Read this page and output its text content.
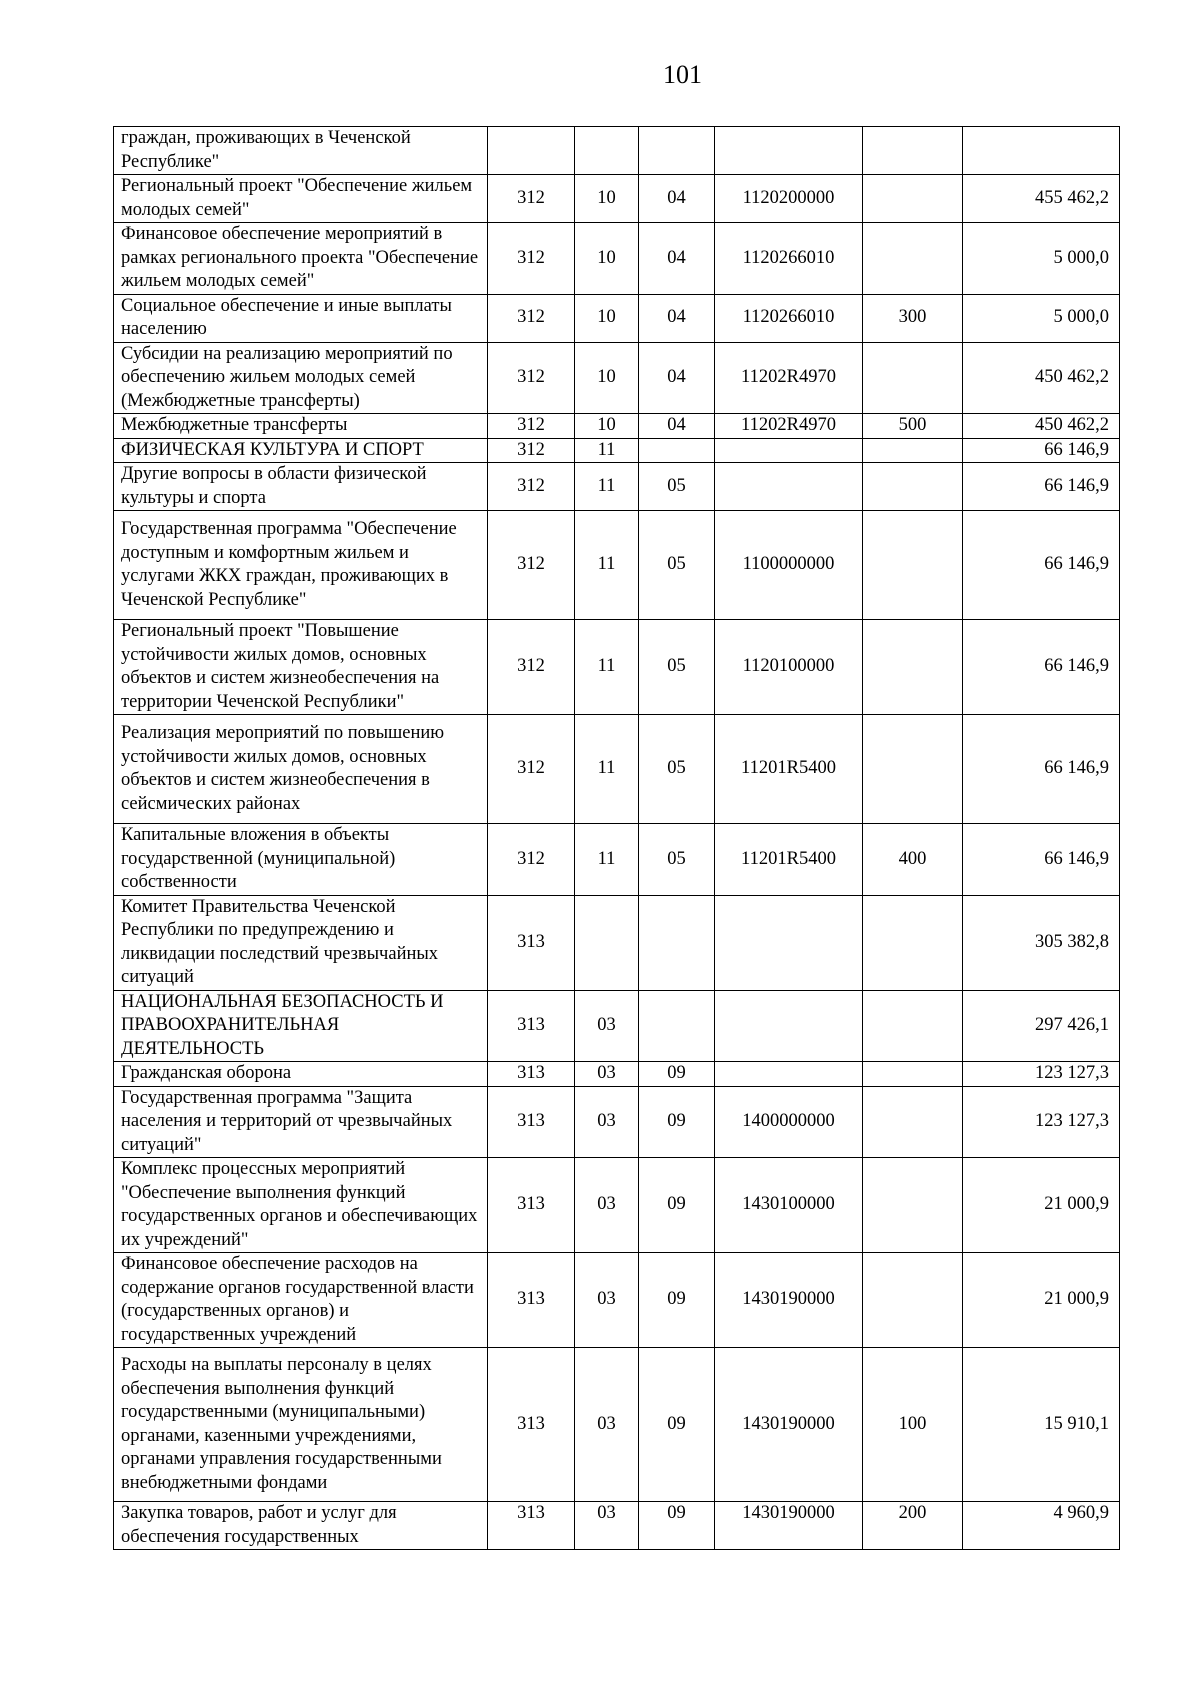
101
граждан, проживающих в Чеченской Республике"						
Региональный проект "Обеспечение жильем молодых семей"	312	10	04	1120200000		455 462,2
Финансовое обеспечение мероприятий в рамках регионального проекта "Обеспечение жильем молодых семей"	312	10	04	1120266010		5 000,0
Социальное обеспечение и иные выплаты населению	312	10	04	1120266010	300	5 000,0
Субсидии на реализацию мероприятий по обеспечению жильем молодых семей (Межбюджетные трансферты)	312	10	04	11202R4970		450 462,2
Межбюджетные трансферты	312	10	04	11202R4970	500	450 462,2
ФИЗИЧЕСКАЯ КУЛЬТУРА И СПОРТ	312	11				66 146,9
Другие вопросы в области физической культуры и спорта	312	11	05			66 146,9
Государственная программа "Обеспечение доступным и комфортным жильем и услугами ЖКХ граждан, проживающих в Чеченской Республике"	312	11	05	1100000000		66 146,9
Региональный проект "Повышение устойчивости жилых домов, основных объектов и систем жизнеобеспечения на территории Чеченской Республики"	312	11	05	1120100000		66 146,9
Реализация мероприятий по повышению устойчивости жилых домов, основных объектов и систем жизнеобеспечения в сейсмических районах	312	11	05	11201R5400		66 146,9
Капитальные вложения в объекты государственной (муниципальной) собственности	312	11	05	11201R5400	400	66 146,9
Комитет Правительства Чеченской Республики по предупреждению и ликвидации последствий чрезвычайных ситуаций	313					305 382,8
НАЦИОНАЛЬНАЯ БЕЗОПАСНОСТЬ И ПРАВООХРАНИТЕЛЬНАЯ ДЕЯТЕЛЬНОСТЬ	313	03				297 426,1
Гражданская оборона	313	03	09			123 127,3
Государственная программа "Защита населения и территорий от чрезвычайных ситуаций"	313	03	09	1400000000		123 127,3
Комплекс процессных мероприятий "Обеспечение выполнения функций государственных органов и обеспечивающих их учреждений"	313	03	09	1430100000		21 000,9
Финансовое обеспечение расходов на содержание органов государственной власти (государственных органов) и государственных учреждений	313	03	09	1430190000		21 000,9
Расходы на выплаты персоналу в целях обеспечения выполнения функций государственными (муниципальными) органами, казенными учреждениями, органами управления государственными внебюджетными фондами	313	03	09	1430190000	100	15 910,1
Закупка товаров, работ и услуг для обеспечения государственных	313	03	09	1430190000	200	4 960,9
